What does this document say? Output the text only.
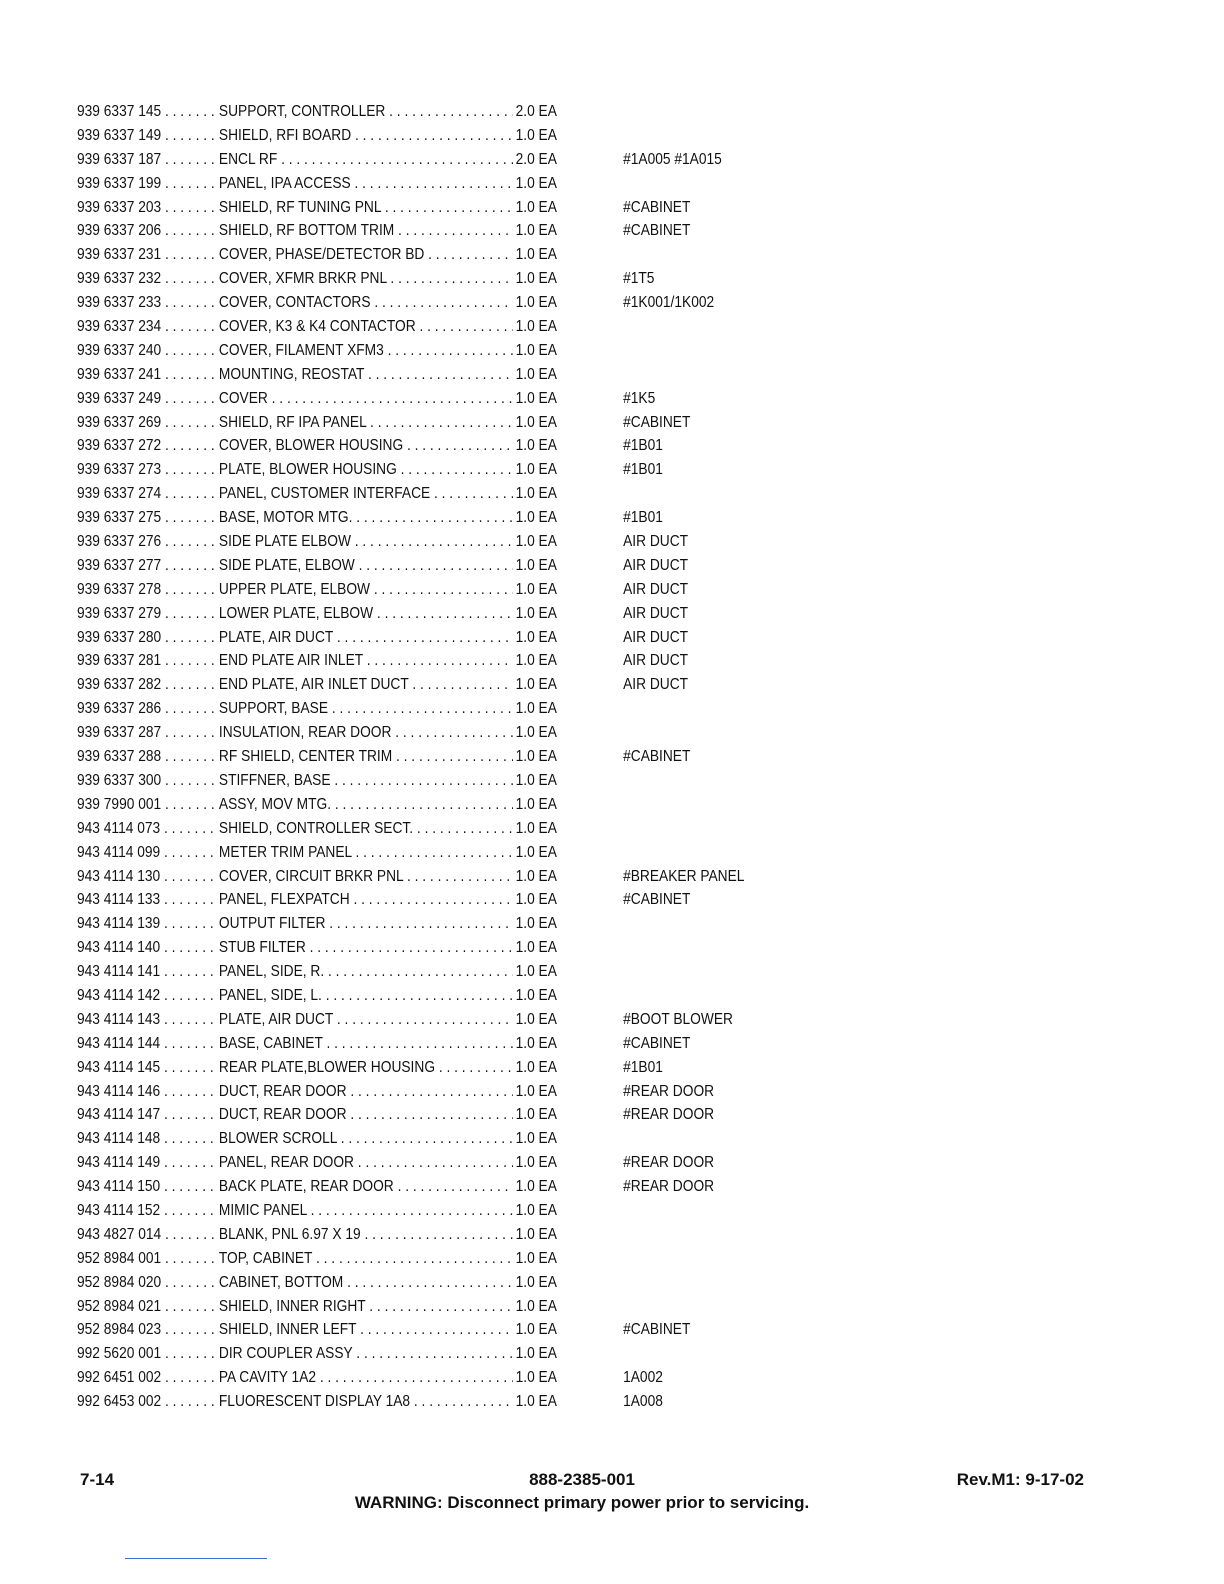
939 6337 145 . . .	SUPPORT, CONTROLLER . . .	2.0 EA
939 6337 149 . . .	SHIELD, RFI BOARD . . .	1.0 EA
939 6337 187 . . .	ENCL RF . . .	2.0 EA	#1A005 #1A015
939 6337 199 . . .	PANEL, IPA ACCESS . . .	1.0 EA
939 6337 203 . . .	SHIELD, RF TUNING PNL . . .	1.0 EA	#CABINET
939 6337 206 . . .	SHIELD, RF BOTTOM TRIM . . .	1.0 EA	#CABINET
939 6337 231 . . .	COVER, PHASE/DETECTOR BD . . .	1.0 EA
939 6337 232 . . .	COVER, XFMR BRKR PNL . . .	1.0 EA	#1T5
939 6337 233 . . .	COVER, CONTACTORS . . .	1.0 EA	#1K001/1K002
939 6337 234 . . .	COVER, K3 & K4 CONTACTOR . . .	1.0 EA
939 6337 240 . . .	COVER, FILAMENT XFM3 . . .	1.0 EA
939 6337 241 . . .	MOUNTING, REOSTAT . . .	1.0 EA
939 6337 249 . . .	COVER . . .	1.0 EA	#1K5
939 6337 269 . . .	SHIELD, RF IPA PANEL . . .	1.0 EA	#CABINET
939 6337 272 . . .	COVER, BLOWER HOUSING . . .	1.0 EA	#1B01
939 6337 273 . . .	PLATE, BLOWER HOUSING . . .	1.0 EA	#1B01
939 6337 274 . . .	PANEL, CUSTOMER INTERFACE . . .	1.0 EA
939 6337 275 . . .	BASE, MOTOR MTG. . . .	1.0 EA	#1B01
939 6337 276 . . .	SIDE PLATE ELBOW . . .	1.0 EA	AIR DUCT
939 6337 277 . . .	SIDE PLATE, ELBOW . . .	1.0 EA	AIR DUCT
939 6337 278 . . .	UPPER PLATE, ELBOW . . .	1.0 EA	AIR DUCT
939 6337 279 . . .	LOWER PLATE, ELBOW . . .	1.0 EA	AIR DUCT
939 6337 280 . . .	PLATE, AIR DUCT . . .	1.0 EA	AIR DUCT
939 6337 281 . . .	END PLATE AIR INLET . . .	1.0 EA	AIR DUCT
939 6337 282 . . .	END PLATE, AIR INLET DUCT . . .	1.0 EA	AIR DUCT
939 6337 286 . . .	SUPPORT, BASE . . .	1.0 EA
939 6337 287 . . .	INSULATION, REAR DOOR . . .	1.0 EA
939 6337 288 . . .	RF SHIELD, CENTER TRIM . . .	1.0 EA	#CABINET
939 6337 300 . . .	STIFFNER, BASE . . .	1.0 EA
939 7990 001 . . .	ASSY, MOV MTG. . . .	1.0 EA
943 4114 073 . . .	SHIELD, CONTROLLER SECT. . . .	1.0 EA
943 4114 099 . . .	METER TRIM PANEL . . .	1.0 EA
943 4114 130 . . .	COVER, CIRCUIT BRKR PNL . . .	1.0 EA	#BREAKER PANEL
943 4114 133 . . .	PANEL, FLEXPATCH . . .	1.0 EA	#CABINET
943 4114 139 . . .	OUTPUT FILTER . . .	1.0 EA
943 4114 140 . . .	STUB FILTER . . .	1.0 EA
943 4114 141 . . .	PANEL, SIDE, R. . . .	1.0 EA
943 4114 142 . . .	PANEL, SIDE, L. . . .	1.0 EA
943 4114 143 . . .	PLATE, AIR DUCT . . .	1.0 EA	#BOOT BLOWER
943 4114 144 . . .	BASE, CABINET . . .	1.0 EA	#CABINET
943 4114 145 . . .	REAR PLATE,BLOWER HOUSING . . .	1.0 EA	#1B01
943 4114 146 . . .	DUCT, REAR DOOR . . .	1.0 EA	#REAR DOOR
943 4114 147 . . .	DUCT, REAR DOOR . . .	1.0 EA	#REAR DOOR
943 4114 148 . . .	BLOWER SCROLL . . .	1.0 EA
943 4114 149 . . .	PANEL, REAR DOOR . . .	1.0 EA	#REAR DOOR
943 4114 150 . . .	BACK PLATE, REAR DOOR . . .	1.0 EA	#REAR DOOR
943 4114 152 . . .	MIMIC PANEL . . .	1.0 EA
943 4827 014 . . .	BLANK, PNL 6.97 X 19 . . .	1.0 EA
952 8984 001 . . .	TOP, CABINET . . .	1.0 EA
952 8984 020 . . .	CABINET, BOTTOM . . .	1.0 EA
952 8984 021 . . .	SHIELD, INNER RIGHT . . .	1.0 EA
952 8984 023 . . .	SHIELD, INNER LEFT . . .	1.0 EA	#CABINET
992 5620 001 . . .	DIR COUPLER ASSY . . .	1.0 EA
992 6451 002 . . .	PA CAVITY 1A2 . . .	1.0 EA	1A002
992 6453 002 . . .	FLUORESCENT DISPLAY 1A8 . . .	1.0 EA	1A008
888-2385-001
7-14	Rev.M1: 9-17-02
WARNING: Disconnect primary power prior to servicing.
